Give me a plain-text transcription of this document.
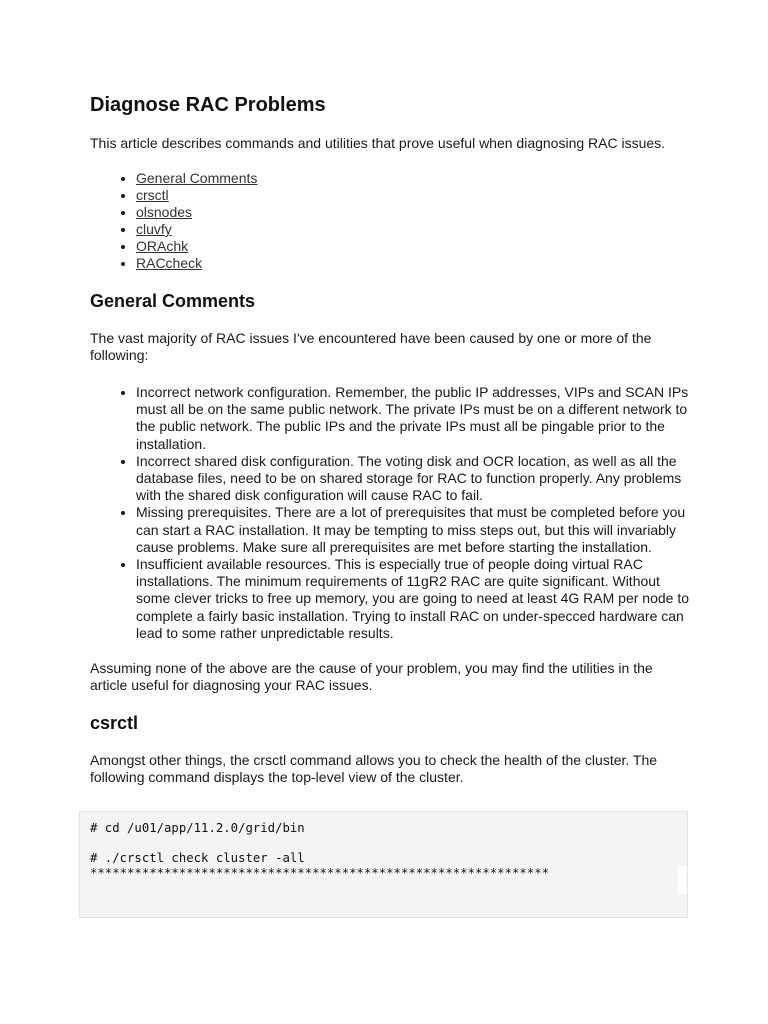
Diagnose RAC Problems

This article describes commands and utilities that prove useful when diagnosing RAC issues.

• General Comments
• crsctl
• olsnodes
• cluvfy
• ORAchk
• RACcheck
General Comments

The vast majority of RAC issues I've encountered have been caused by one or more of the following:

• Incorrect network configuration. Remember, the public IP addresses, VIPs and SCAN IPs must all be on the same public network. The private IPs must be on a different network to the public network. The public IPs and the private IPs must all be pingable prior to the installation.
• Incorrect shared disk configuration. The voting disk and OCR location, as well as all the database files, need to be on shared storage for RAC to function properly. Any problems with the shared disk configuration will cause RAC to fail.
• Missing prerequisites. There are a lot of prerequisites that must be completed before you can start a RAC installation. It may be tempting to miss steps out, but this will invariably cause problems. Make sure all prerequisites are met before starting the installation.
• Insufficient available resources. This is especially true of people doing virtual RAC installations. The minimum requirements of 11gR2 RAC are quite significant. Without some clever tricks to free up memory, you are going to need at least 4G RAM per node to complete a fairly basic installation. Trying to install RAC on under-specced hardware can lead to some rather unpredictable results.

Assuming none of the above are the cause of your problem, you may find the utilities in the article useful for diagnosing your RAC issues.

csrctl

Amongst other things, the crsctl command allows you to check the health of the cluster. The following command displays the top-level view of the cluster.

# cd /u01/app/11.2.0/grid/bin
# ./crsctl check cluster -all
**************************************************************
